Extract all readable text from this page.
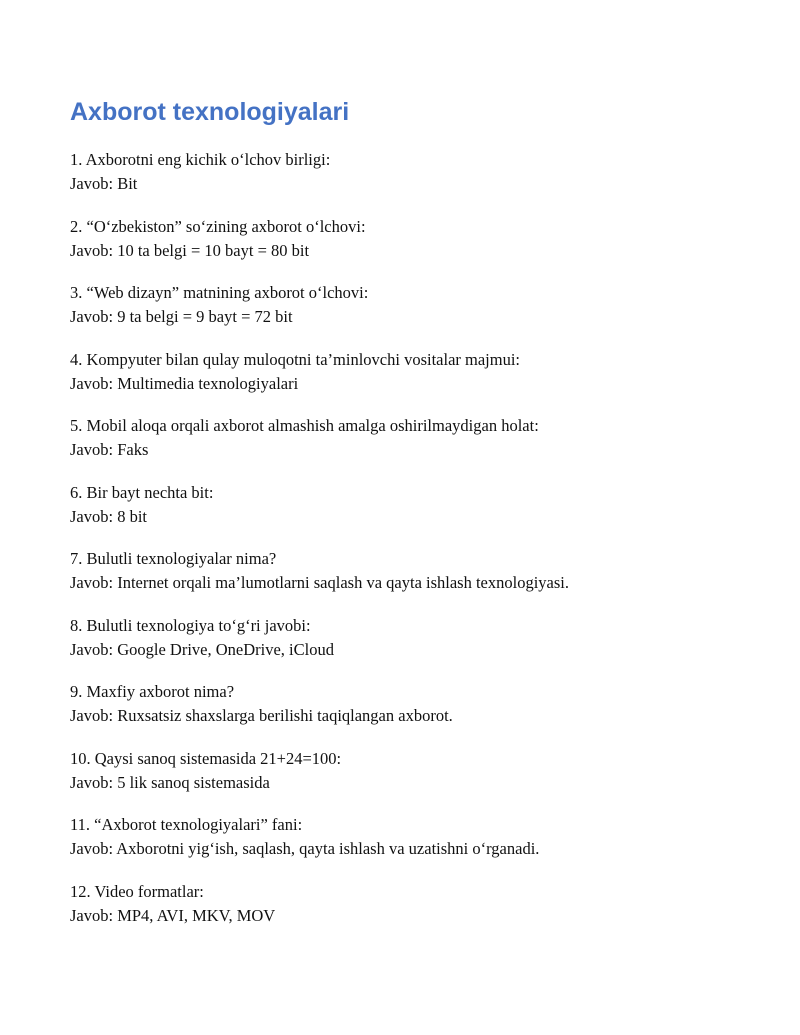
Axborot texnologiyalari

1. Axborotni eng kichik o‘lchov birligi:

Javob: Bit

2. “O‘zbekiston” so‘zining axborot o‘lchovi:

Javob: 10 ta belgi = 10 bayt = 80 bit

3. “Web dizayn” matnining axborot o‘lchovi:

Javob: 9 ta belgi = 9 bayt = 72 bit

4. Kompyuter bilan qulay muloqotni ta’minlovchi vositalar majmui:

Javob: Multimedia texnologiyalari

5. Mobil aloqa orqali axborot almashish amalga oshirilmaydigan holat:

Javob: Faks

6. Bir bayt nechta bit:

Javob: 8 bit

7. Bulutli texnologiyalar nima?

Javob: Internet orqali ma’lumotlarni saqlash va qayta ishlash texnologiyasi.

8. Bulutli texnologiya to‘g‘ri javobi:

Javob: Google Drive, OneDrive, iCloud

9. Maxfiy axborot nima?

Javob: Ruxsatsiz shaxslarga berilishi taqiqlangan axborot.

10. Qaysi sanoq sistemasida 21+24=100:

Javob: 5 lik sanoq sistemasida

11. “Axborot texnologiyalari” fani:

Javob: Axborotni yig‘ish, saqlash, qayta ishlash va uzatishni o‘rganadi.

12. Video formatlar:

Javob: MP4, AVI, MKV, MOV
